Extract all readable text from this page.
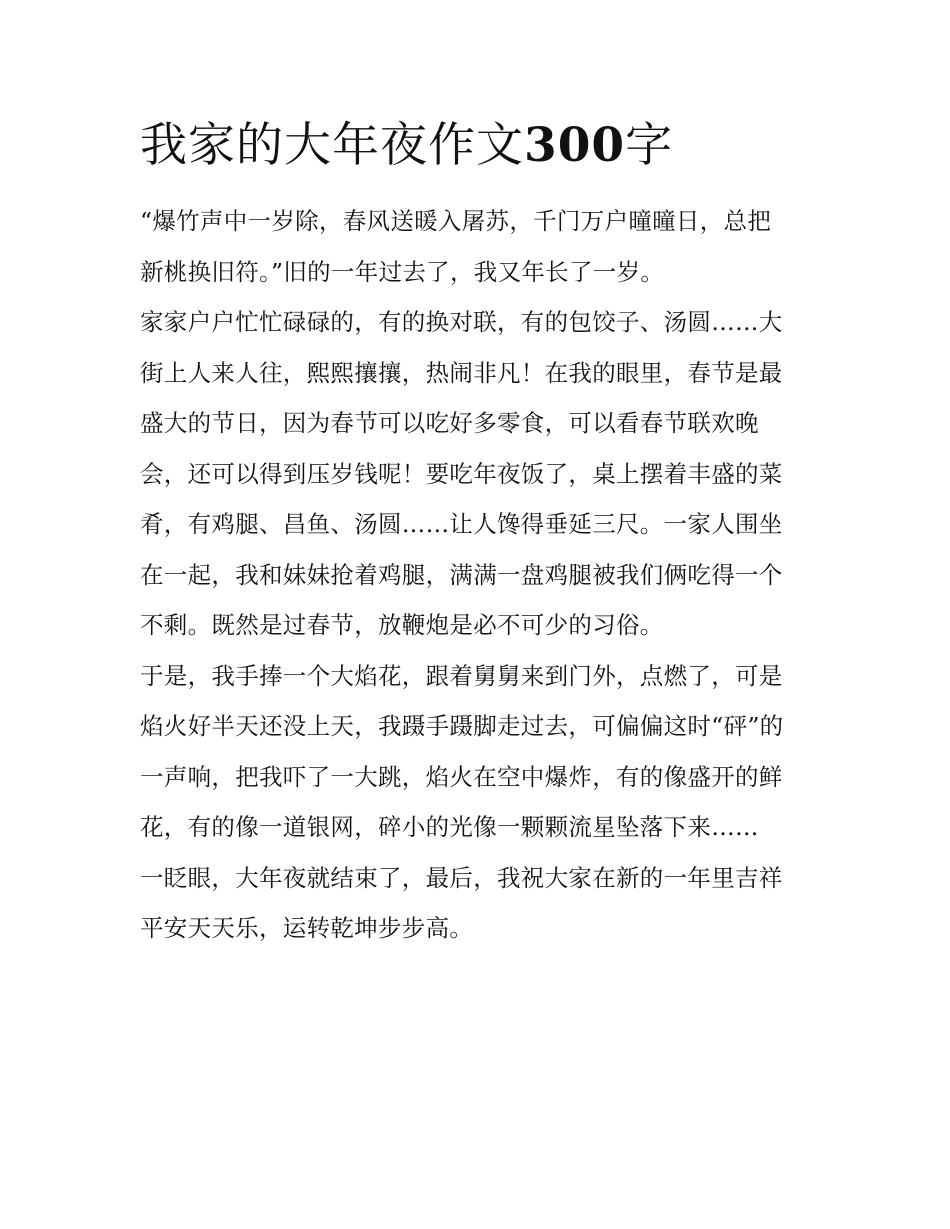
我家的大年夜作文300字
“爆竹声中一岁除，春风送暖入屠苏，千门万户曈曈日，总把
新桃换旧符。”旧的一年过去了，我又年长了一岁。
家家户户忙忙碌碌的，有的换对联，有的包饺子、汤圆……大
街上人来人往，熙熙攘攘，热闹非凡！在我的眼里，春节是最
盛大的节日，因为春节可以吃好多零食，可以看春节联欢晚
会，还可以得到压岁钱呢！要吃年夜饭了，桌上摆着丰盛的菜
肴，有鸡腿、昌鱼、汤圆……让人馋得垂延三尺。一家人围坐
在一起，我和妹妹抢着鸡腿，满满一盘鸡腿被我们俩吃得一个
不剩。既然是过春节，放鞭炮是必不可少的习俗。
于是，我手捧一个大焰花，跟着舅舅来到门外，点燃了，可是
焰火好半天还没上天，我蹑手蹑脚走过去，可偏偏这时“砰”的
一声响，把我吓了一大跳，焰火在空中爆炸，有的像盛开的鲜
花，有的像一道银网，碎小的光像一颗颗流星坠落下来……
一眨眼，大年夜就结束了，最后，我祝大家在新的一年里吉祥
平安天天乐，运转乾坤步步高。
